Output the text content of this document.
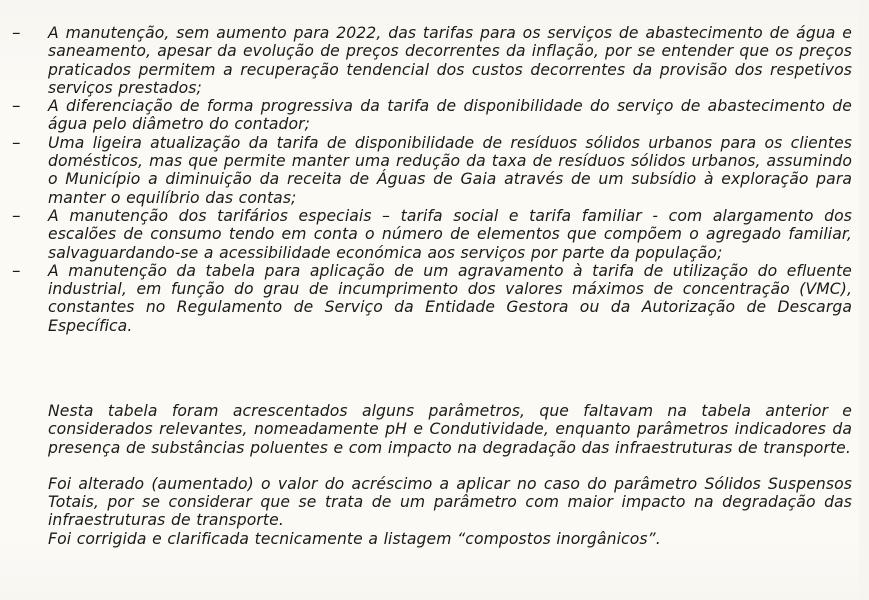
–	A manutenção, sem aumento para 2022, das tarifas para os serviços de abastecimento de água e saneamento, apesar da evolução de preços decorrentes da inflação, por se entender que os preços praticados permitem a recuperação tendencial dos custos decorrentes da provisão dos respetivos serviços prestados;
–	A diferenciação de forma progressiva da tarifa de disponibilidade do serviço de abastecimento de água pelo diâmetro do contador;
–	Uma ligeira atualização da tarifa de disponibilidade de resíduos sólidos urbanos para os clientes domésticos, mas que permite manter uma redução da taxa de resíduos sólidos urbanos, assumindo o Município a diminuição da receita de Águas de Gaia através de um subsídio à exploração para manter o equilíbrio das contas;
–	A manutenção dos tarifários especiais – tarifa social e tarifa familiar - com alargamento dos escalões de consumo tendo em conta o número de elementos que compõem o agregado familiar, salvaguardando-se a acessibilidade económica aos serviços por parte da população;
–	A manutenção da tabela para aplicação de um agravamento à tarifa de utilização do efluente industrial, em função do grau de incumprimento dos valores máximos de concentração (VMC), constantes no Regulamento de Serviço da Entidade Gestora ou da Autorização de Descarga Específica.

Nesta tabela foram acrescentados alguns parâmetros, que faltavam na tabela anterior e considerados relevantes, nomeadamente pH e Condutividade, enquanto parâmetros indicadores da presença de substâncias poluentes e com impacto na degradação das infraestruturas de transporte.

Foi alterado (aumentado) o valor do acréscimo a aplicar no caso do parâmetro Sólidos Suspensos Totais, por se considerar que se trata de um parâmetro com maior impacto na degradação das infraestruturas de transporte.

Foi corrigida e clarificada tecnicamente a listagem “compostos inorgânicos”.
